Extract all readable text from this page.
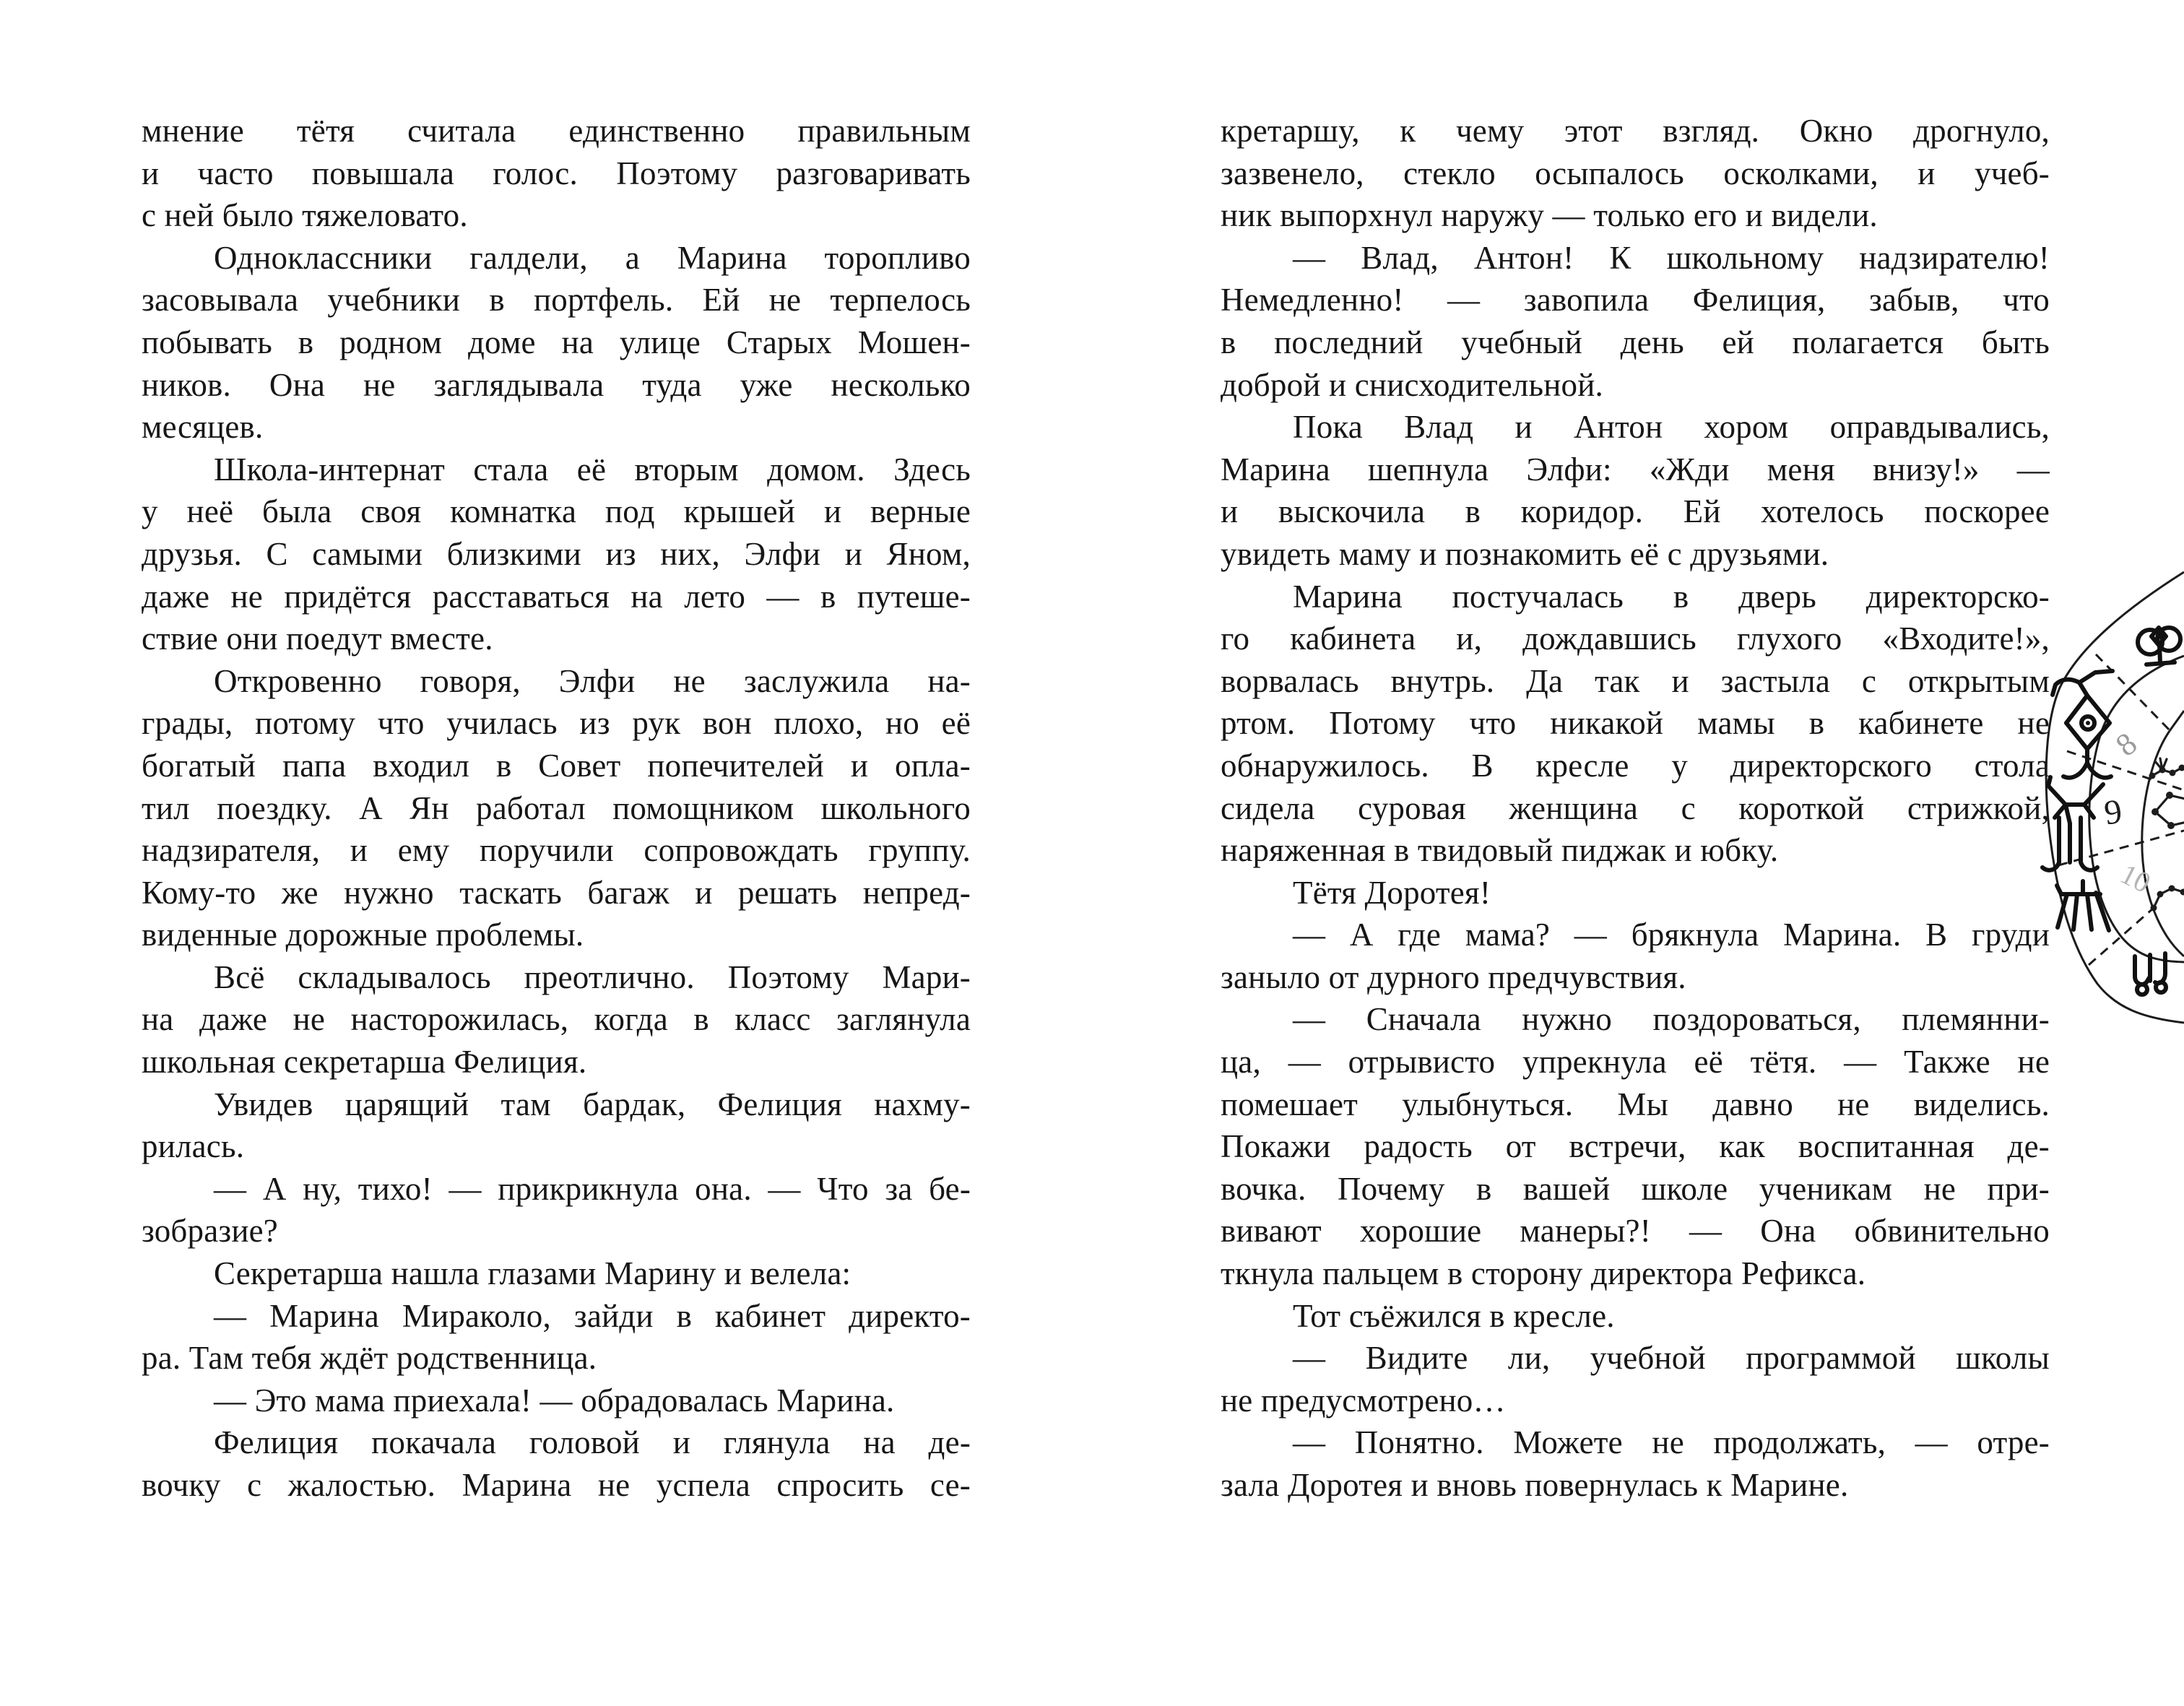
мнение тётя считала единственно правильным
и часто повышала голос. Поэтому разговаривать
с ней было тяжеловато.
Одноклассники галдели, а Марина торопливо
засовывала учебники в портфель. Ей не терпелось
побывать в родном доме на улице Старых Мошен-
ников. Она не заглядывала туда уже несколько
месяцев.
Школа-интернат стала её вторым домом. Здесь
у неё была своя комнатка под крышей и верные
друзья. С самыми близкими из них, Элфи и Яном,
даже не придётся расставаться на лето — в путеше-
ствие они поедут вместе.
Откровенно говоря, Элфи не заслужила на-
грады, потому что училась из рук вон плохо, но её
богатый папа входил в Совет попечителей и опла-
тил поездку. А Ян работал помощником школьного
надзирателя, и ему поручили сопровождать группу.
Кому-то же нужно таскать багаж и решать непред-
виденные дорожные проблемы.
Всё складывалось преотлично. Поэтому Мари-
на даже не насторожилась, когда в класс заглянула
школьная секретарша Фелиция.
Увидев царящий там бардак, Фелиция нахму-
рилась.
— А ну, тихо! — прикрикнула она. — Что за бе-
зобразие?
Секретарша нашла глазами Марину и велела:
— Марина Мираколо, зайди в кабинет директо-
ра. Там тебя ждёт родственница.
— Это мама приехала! — обрадовалась Марина.
Фелиция покачала головой и глянула на де-
вочку с жалостью. Марина не успела спросить се-
кретаршу, к чему этот взгляд. Окно дрогнуло,
зазвенело, стекло осыпалось осколками, и учеб-
ник выпорхнул наружу — только его и видели.
— Влад, Антон! К школьному надзирателю!
Немедленно! — завопила Фелиция, забыв, что
в последний учебный день ей полагается быть
доброй и снисходительной.
Пока Влад и Антон хором оправдывались,
Марина шепнула Элфи: «Жди меня внизу!» —
и выскочила в коридор. Ей хотелось поскорее
увидеть маму и познакомить её с друзьями.
Марина постучалась в дверь директорско-
го кабинета и, дождавшись глухого «Входите!»,
ворвалась внутрь. Да так и застыла с открытым
ртом. Потому что никакой мамы в кабинете не
обнаружилось. В кресле у директорского стола
сидела суровая женщина с короткой стрижкой,
наряженная в твидовый пиджак и юбку.
Тётя Доротея!
— А где мама? — брякнула Марина. В груди
заныло от дурного предчувствия.
— Сначала нужно поздороваться, племянни-
ца, — отрывисто упрекнула её тётя. — Также не
помешает улыбнуться. Мы давно не виделись.
Покажи радость от встречи, как воспитанная де-
вочка. Почему в вашей школе ученикам не при-
вивают хорошие манеры?! — Она обвинительно
ткнула пальцем в сторону директора Рефикса.
Тот съёжился в кресле.
— Видите ли, учебной программой школы
не предусмотрено…
— Понятно. Можете не продолжать, — отре-
зала Доротея и вновь повернулась к Марине.
8
9
10
